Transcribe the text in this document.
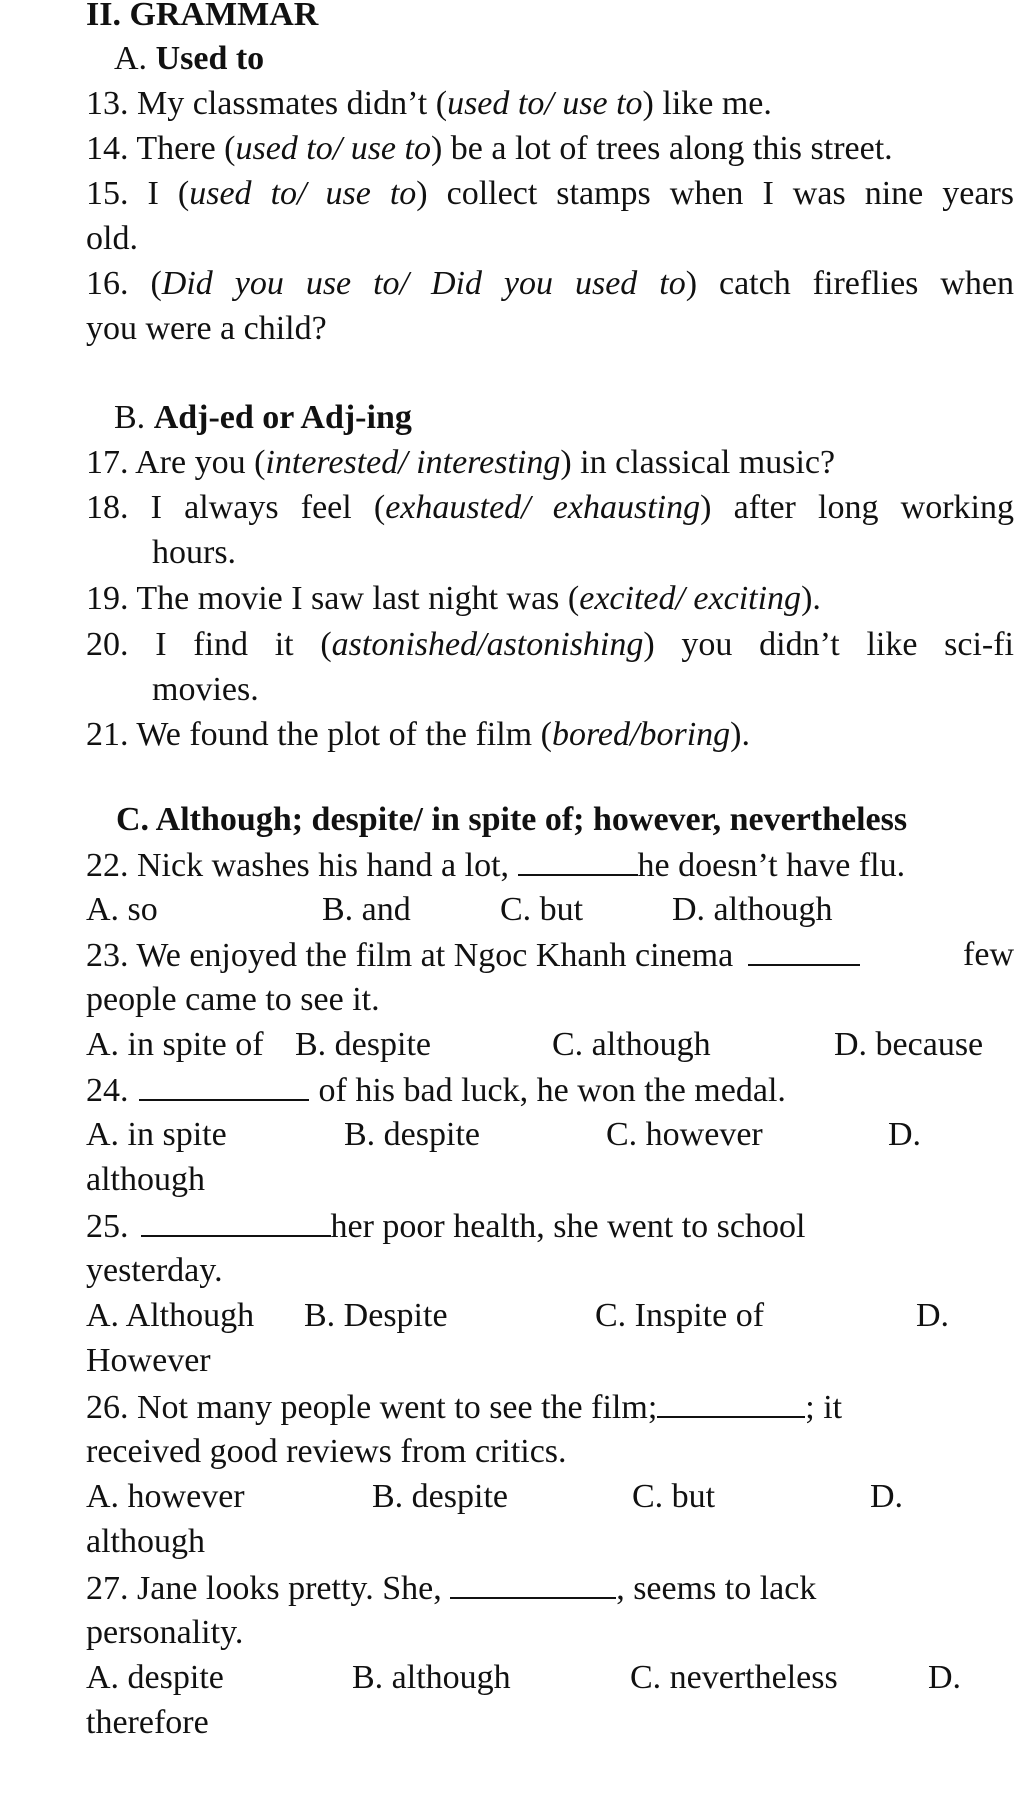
II. GRAMMAR
A. Used to
13. My classmates didn’t (used to/ use to) like me.
14. There (used to/ use to) be a lot of trees along this street.
15. I (used to/ use to) collect stamps when I was nine years
old.
16. (Did you use to/ Did you used to) catch fireflies when
you were a child?
B. Adj-ed or Adj-ing
17. Are you (interested/ interesting) in classical music?
18. I always feel (exhausted/ exhausting) after long working
hours.
19. The movie I saw last night was (excited/ exciting).
20. I find it (astonished/astonishing) you didn’t like sci-fi
movies.
21. We found the plot of the film (bored/boring).
C. Although; despite/ in spite of; however, nevertheless
22. Nick washes his hand a lot,	he doesn’t have flu.
A. so	B. and	C. but	D. although
23. We enjoyed the film at Ngoc Khanh cinema	few
people came to see it.
A. in spite of B. despite	C. although	D. because
24.	of his bad luck, he won the medal.
A. in spite	B. despite	C. however	D.
although
25.	her poor health, she went to school
yesterday.
A. Although B. Despite	C. Inspite of	D.
However
26. Not many people went to see the film;	; it
received good reviews from critics.
A. however	B. despite	C. but	D.
although
27. Jane looks pretty. She,	, seems to lack
personality.
A. despite	B. although	C. nevertheless	D.
therefore
